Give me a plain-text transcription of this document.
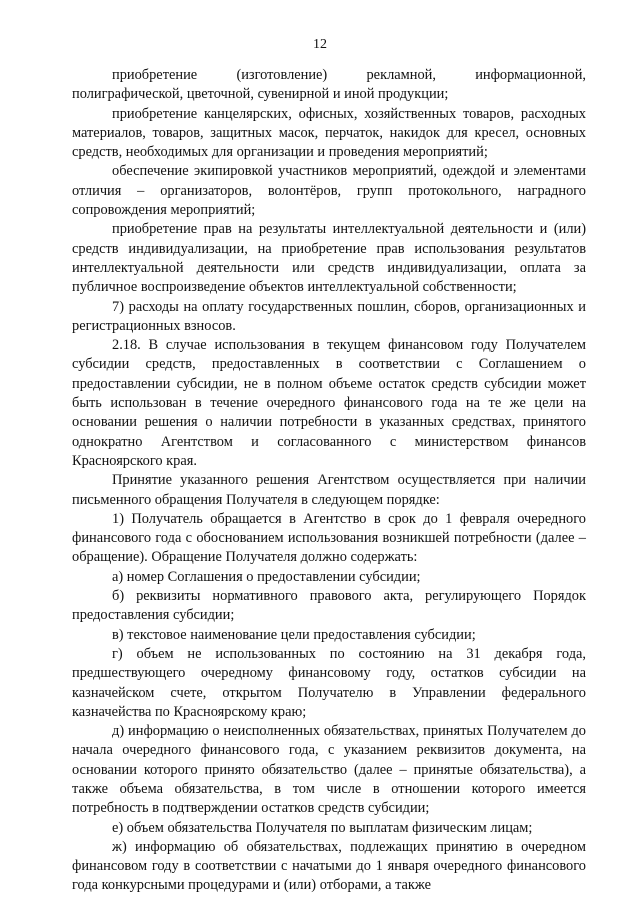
12

приобретение (изготовление) рекламной, информационной, полиграфической, цветочной, сувенирной и иной продукции;

приобретение канцелярских, офисных, хозяйственных товаров, расходных материалов, товаров, защитных масок, перчаток, накидок для кресел, основных средств, необходимых для организации и проведения мероприятий;

обеспечение экипировкой участников мероприятий, одеждой и элементами отличия – организаторов, волонтёров, групп протокольного, наградного сопровождения мероприятий;

приобретение прав на результаты интеллектуальной деятельности и (или) средств индивидуализации, на приобретение прав использования результатов интеллектуальной деятельности или средств индивидуализации, оплата за публичное воспроизведение объектов интеллектуальной собственности;

7) расходы на оплату государственных пошлин, сборов, организационных и регистрационных взносов.

2.18. В случае использования в текущем финансовом году Получателем субсидии средств, предоставленных в соответствии с Соглашением о предоставлении субсидии, не в полном объеме остаток средств субсидии может быть использован в течение очередного финансового года на те же цели на основании решения о наличии потребности в указанных средствах, принятого однократно Агентством и согласованного с министерством финансов Красноярского края.

Принятие указанного решения Агентством осуществляется при наличии письменного обращения Получателя в следующем порядке:

1) Получатель обращается в Агентство в срок до 1 февраля очередного финансового года с обоснованием использования возникшей потребности (далее – обращение). Обращение Получателя должно содержать:

а) номер Соглашения о предоставлении субсидии;

б) реквизиты нормативного правового акта, регулирующего Порядок предоставления субсидии;

в) текстовое наименование цели предоставления субсидии;

г) объем не использованных по состоянию на 31 декабря года, предшествующего очередному финансовому году, остатков субсидии на казначейском счете, открытом Получателю в Управлении федерального казначейства по Красноярскому краю;

д) информацию о неисполненных обязательствах, принятых Получателем до начала очередного финансового года, с указанием реквизитов документа, на основании которого принято обязательство (далее – принятые обязательства), а также объема обязательства, в том числе в отношении которого имеется потребность в подтверждении остатков средств субсидии;

е) объем обязательства Получателя по выплатам физическим лицам;

ж) информацию об обязательствах, подлежащих принятию в очередном финансовом году в соответствии с начатыми до 1 января очередного финансового года конкурсными процедурами и (или) отборами, а также
